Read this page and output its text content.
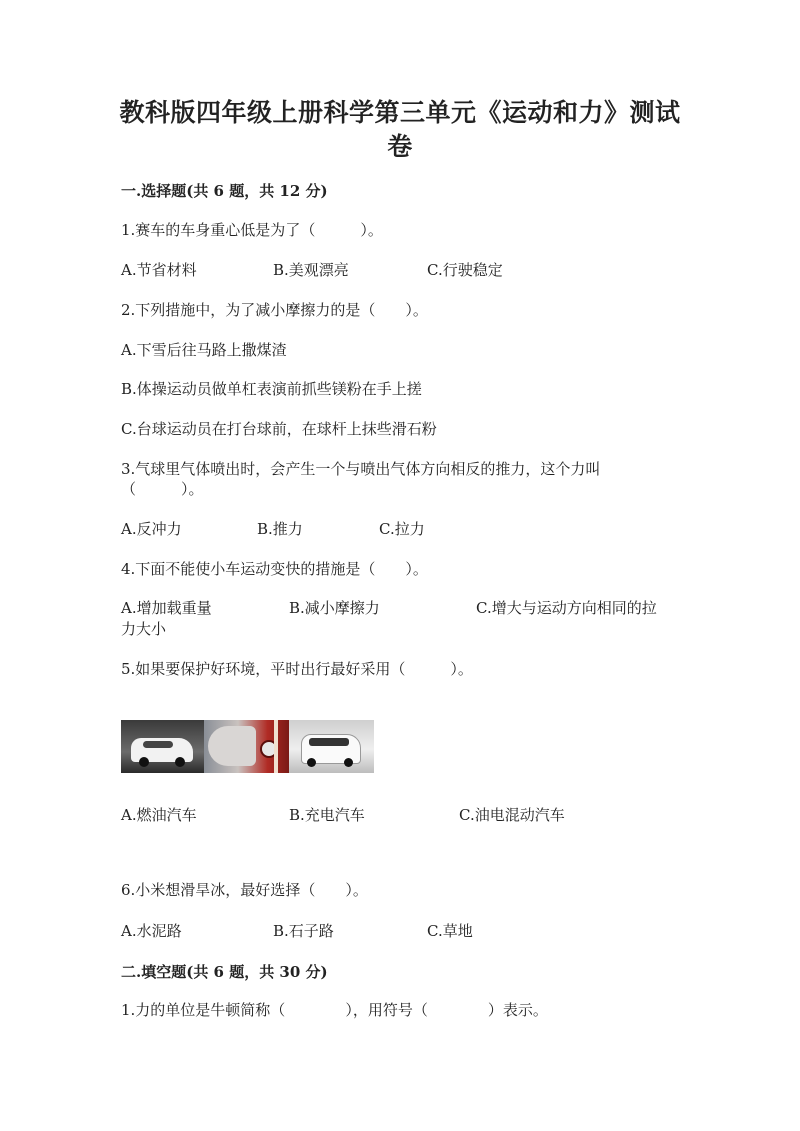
教科版四年级上册科学第三单元《运动和力》测试
卷
一.选择题(共 6 题，共 12 分)
1.赛车的车身重心低是为了（　　　）。
A.节省材料	B.美观漂亮	C.行驶稳定
2.下列措施中，为了减小摩擦力的是（　　）。
A.下雪后往马路上撒煤渣
B.体操运动员做单杠表演前抓些镁粉在手上搓
C.台球运动员在打台球前，在球杆上抹些滑石粉
3.气球里气体喷出时，会产生一个与喷出气体方向相反的推力，这个力叫
（　　　）。
A.反冲力	B.推力	C.拉力
4.下面不能使小车运动变快的措施是（　　）。
A.增加载重量	B.减小摩擦力	C.增大与运动方向相同的拉
力大小
5.如果要保护好环境，平时出行最好采用（　　　）。
A.燃油汽车	B.充电汽车	C.油电混动汽车
6.小米想滑旱冰，最好选择（　　）。
A.水泥路	B.石子路	C.草地
二.填空题(共 6 题，共 30 分)
1.力的单位是牛顿简称（　　　　），用符号（　　　　）表示。
